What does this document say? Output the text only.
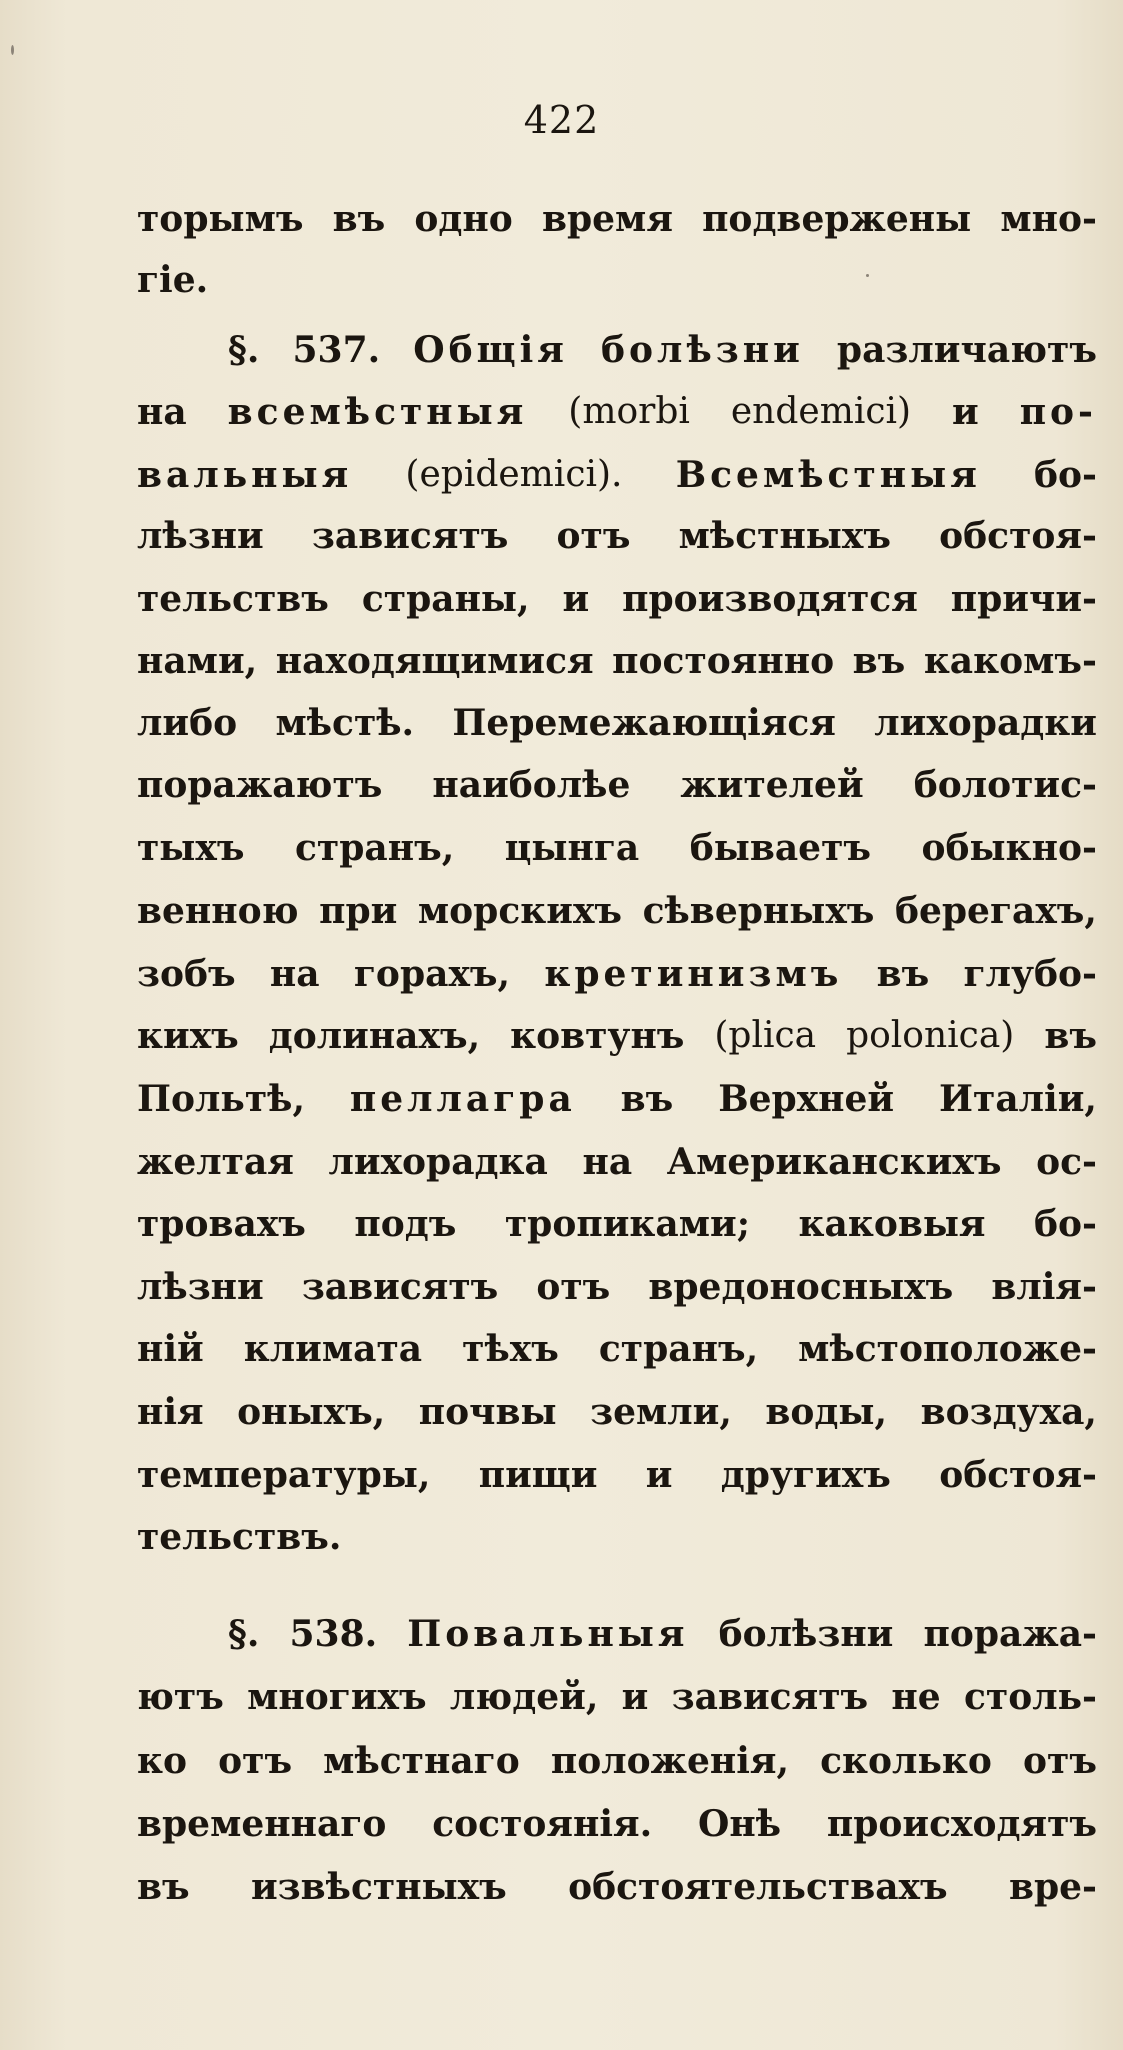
422
торымъ въ одно время подвержены мно-
гіе.
§. 537. Общія болѣзни различаютъ
на всемѣстныя (morbi endemici) и по-
вальныя (epidemici). Всемѣстныя бо-
лѣзни зависятъ отъ мѣстныхъ обстоя-
тельствъ страны, и производятся причи-
нами, находящимися постоянно въ какомъ-
либо мѣстѣ. Перемежающіяся лихорадки
поражаютъ наиболѣе жителей болотис-
тыхъ странъ, цынга бываетъ обыкно-
венною при морскихъ сѣверныхъ берегахъ,
зобъ на горахъ, кретинизмъ въ глубо-
кихъ долинахъ, ковтунъ (plica polonica) въ
Польтѣ, пеллагра въ Верхней Италіи,
желтая лихорадка на Американскихъ ос-
тровахъ подъ тропиками; каковыя бо-
лѣзни зависятъ отъ вредоносныхъ влія-
ній климата тѣхъ странъ, мѣстоположе-
нія оныхъ, почвы земли, воды, воздуха,
температуры, пищи и другихъ обстоя-
тельствъ.
§. 538. Повальныя болѣзни поража-
ютъ многихъ людей, и зависятъ не столь-
ко отъ мѣстнаго положенія, сколько отъ
временнаго состоянія. Онѣ происходятъ
въ извѣстныхъ обстоятельствахъ вре-
